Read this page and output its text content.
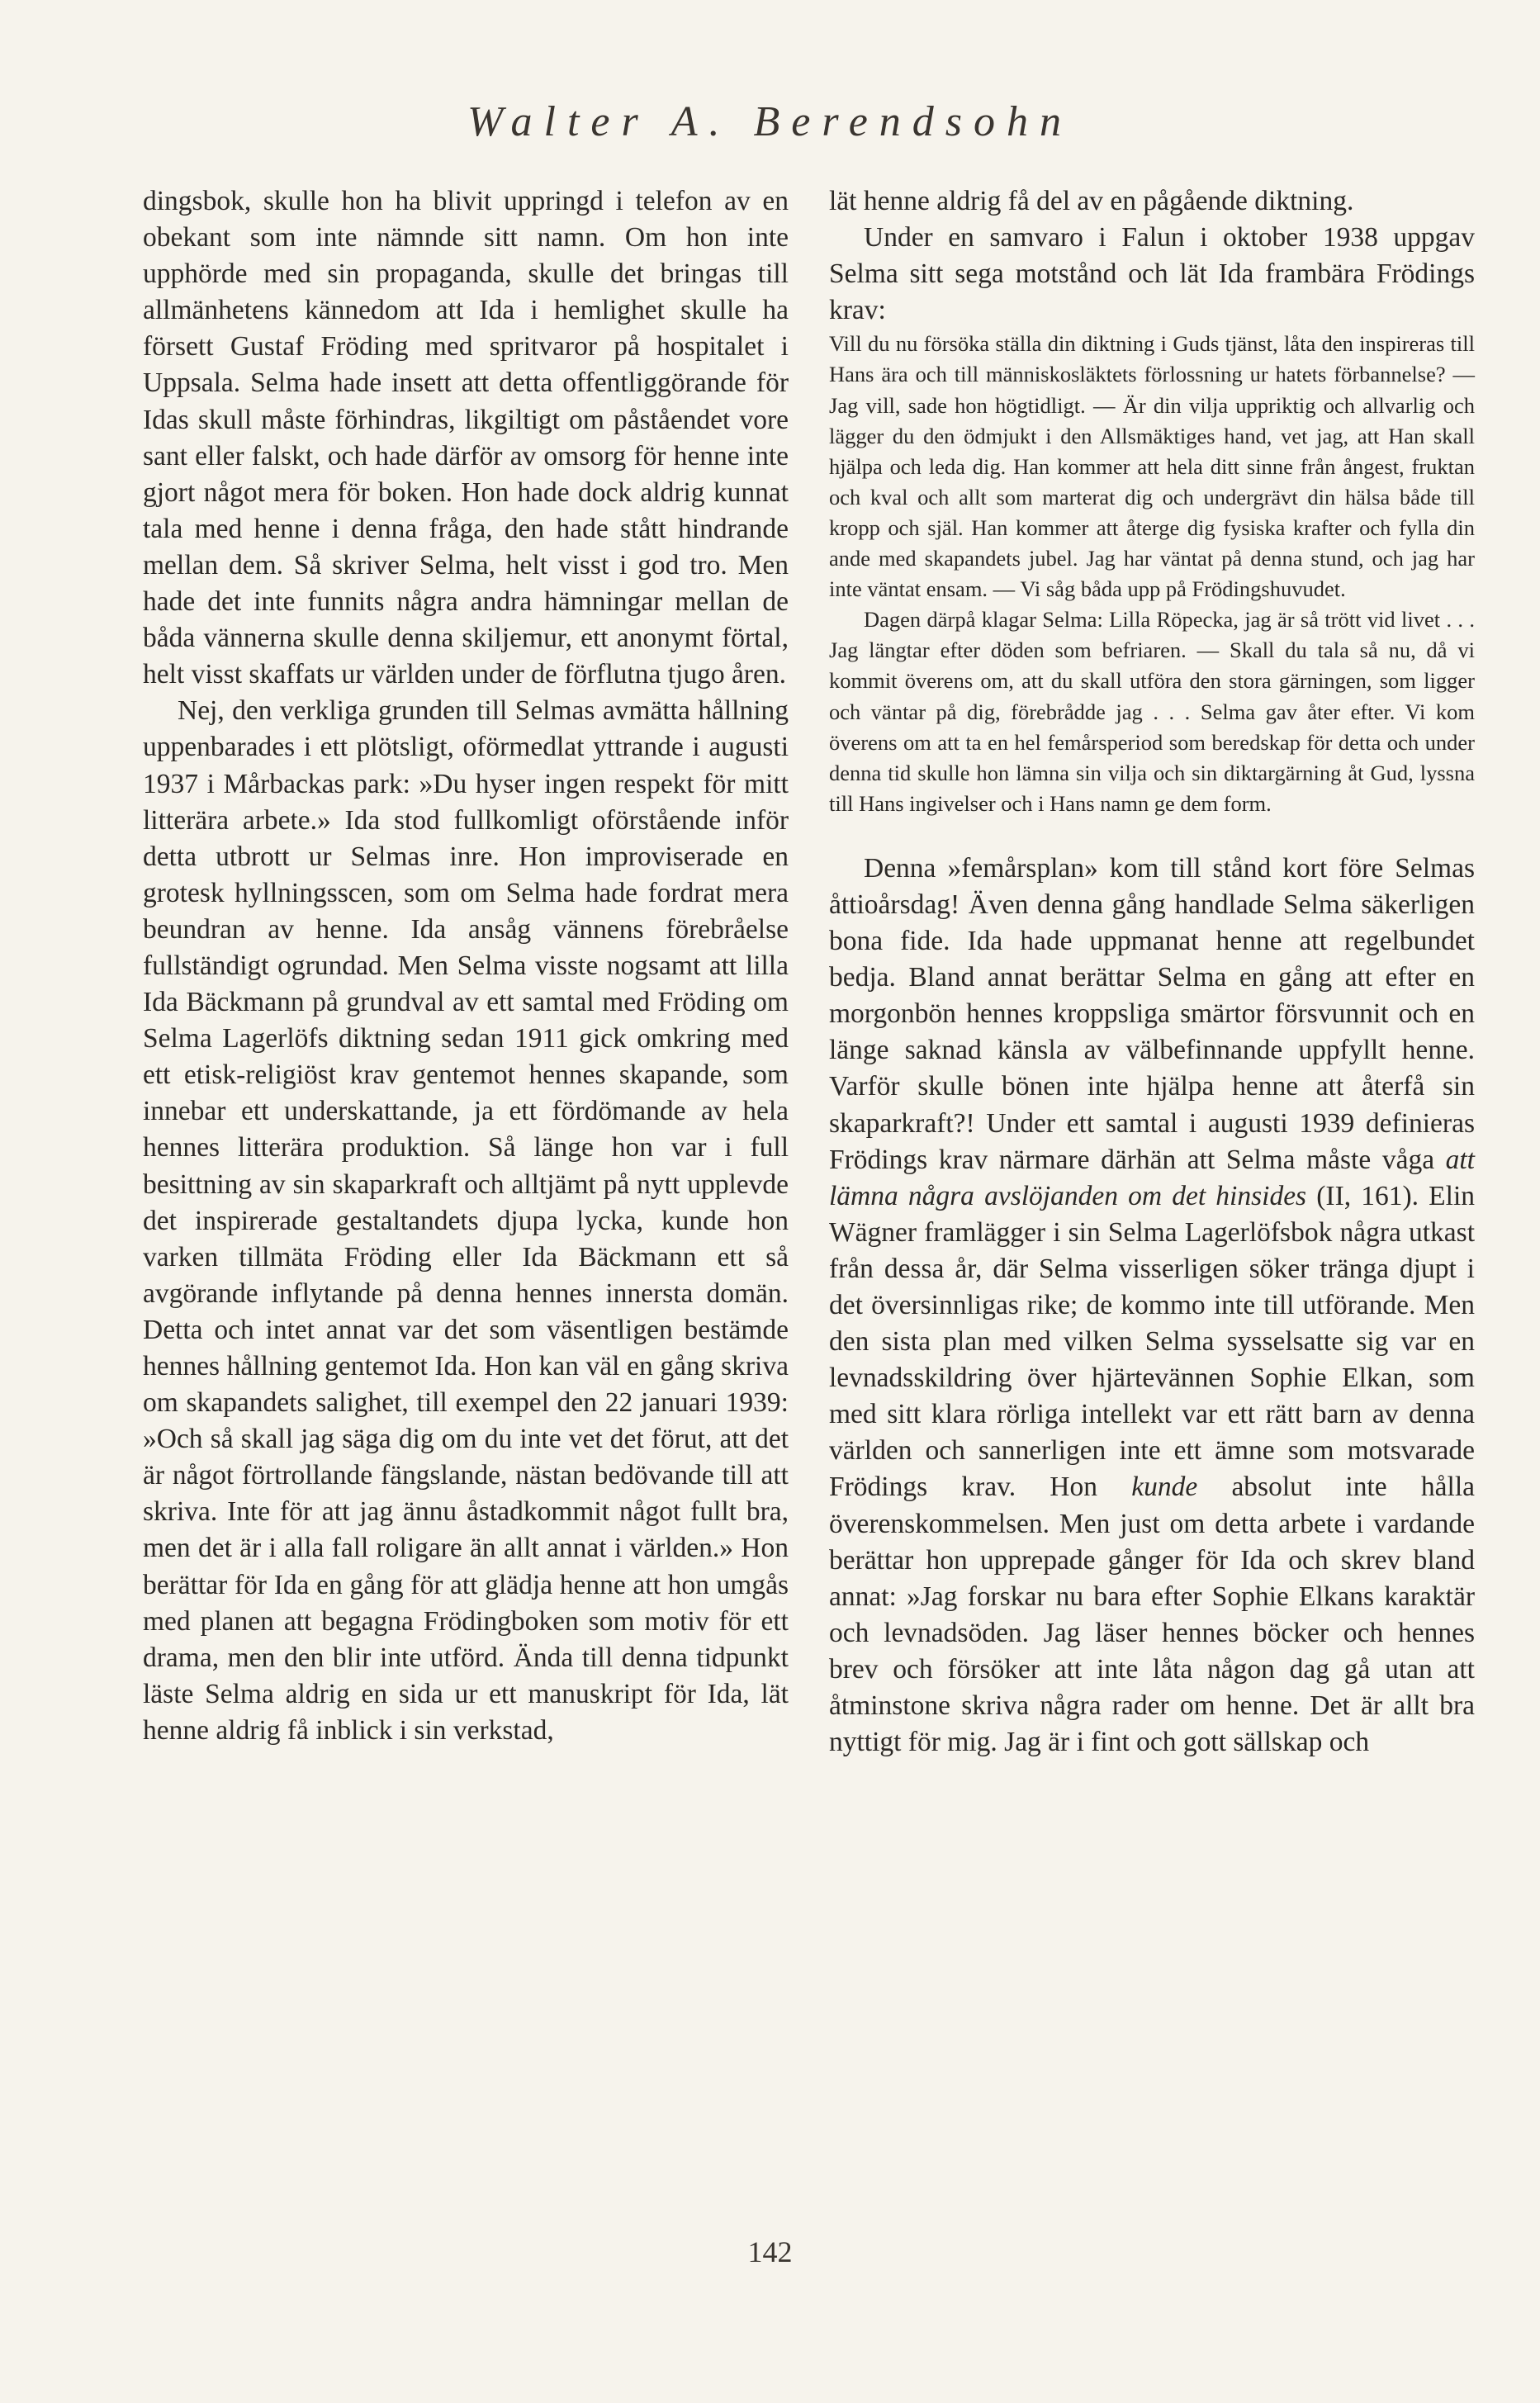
Walter A. Berendsohn

dingsbok, skulle hon ha blivit uppringd i telefon av en obekant som inte nämnde sitt namn. Om hon inte upphörde med sin propaganda, skulle det bringas till allmänhetens kännedom att Ida i hemlighet skulle ha försett Gustaf Fröding med spritvaror på hospitalet i Uppsala. Selma hade insett att detta offentliggörande för Idas skull måste förhindras, likgiltigt om påståendet vore sant eller falskt, och hade därför av omsorg för henne inte gjort något mera för boken. Hon hade dock aldrig kunnat tala med henne i denna fråga, den hade stått hindrande mellan dem. Så skriver Selma, helt visst i god tro. Men hade det inte funnits några andra hämningar mellan de båda vännerna skulle denna skiljemur, ett anonymt förtal, helt visst skaffats ur världen under de förflutna tjugo åren.

Nej, den verkliga grunden till Selmas avmätta hållning uppenbarades i ett plötsligt, oförmedlat yttrande i augusti 1937 i Mårbackas park: »Du hyser ingen respekt för mitt litterära arbete.» Ida stod fullkomligt oförstående inför detta utbrott ur Selmas inre. Hon improviserade en grotesk hyllningsscen, som om Selma hade fordrat mera beundran av henne. Ida ansåg vännens förebråelse fullständigt ogrundad. Men Selma visste nogsamt att lilla Ida Bäckmann på grundval av ett samtal med Fröding om Selma Lagerlöfs diktning sedan 1911 gick omkring med ett etisk-religiöst krav gentemot hennes skapande, som innebar ett underskattande, ja ett fördömande av hela hennes litterära produktion. Så länge hon var i full besittning av sin skaparkraft och alltjämt på nytt upplevde det inspirerade gestaltandets djupa lycka, kunde hon varken tillmäta Fröding eller Ida Bäckmann ett så avgörande inflytande på denna hennes innersta domän. Detta och intet annat var det som väsentligen bestämde hennes hållning gentemot Ida. Hon kan väl en gång skriva om skapandets salighet, till exempel den 22 januari 1939: »Och så skall jag säga dig om du inte vet det förut, att det är något förtrollande fängslande, nästan bedövande till att skriva. Inte för att jag ännu åstadkommit något fullt bra, men det är i alla fall roligare än allt annat i världen.» Hon berättar för Ida en gång för att glädja henne att hon umgås med planen att begagna Frödingboken som motiv för ett drama, men den blir inte utförd. Ända till denna tidpunkt läste Selma aldrig en sida ur ett manuskript för Ida, lät henne aldrig få inblick i sin verkstad,

lät henne aldrig få del av en pågående diktning.

Under en samvaro i Falun i oktober 1938 uppgav Selma sitt sega motstånd och lät Ida frambära Frödings krav:

Vill du nu försöka ställa din diktning i Guds tjänst, låta den inspireras till Hans ära och till människosläktets förlossning ur hatets förbannelse? — Jag vill, sade hon högtidligt. — Är din vilja uppriktig och allvarlig och lägger du den ödmjukt i den Allsmäktiges hand, vet jag, att Han skall hjälpa och leda dig. Han kommer att hela ditt sinne från ångest, fruktan och kval och allt som marterat dig och undergrävt din hälsa både till kropp och själ. Han kommer att återge dig fysiska krafter och fylla din ande med skapandets jubel. Jag har väntat på denna stund, och jag har inte väntat ensam. — Vi såg båda upp på Frödingshuvudet.

Dagen därpå klagar Selma: Lilla Röpecka, jag är så trött vid livet . . . Jag längtar efter döden som befriaren. — Skall du tala så nu, då vi kommit överens om, att du skall utföra den stora gärningen, som ligger och väntar på dig, förebrådde jag . . . Selma gav åter efter. Vi kom överens om att ta en hel femårsperiod som beredskap för detta och under denna tid skulle hon lämna sin vilja och sin diktargärning åt Gud, lyssna till Hans ingivelser och i Hans namn ge dem form.

Denna »femårsplan» kom till stånd kort före Selmas åttioårsdag! Även denna gång handlade Selma säkerligen bona fide. Ida hade uppmanat henne att regelbundet bedja. Bland annat berättar Selma en gång att efter en morgonbön hennes kroppsliga smärtor försvunnit och en länge saknad känsla av välbefinnande uppfyllt henne. Varför skulle bönen inte hjälpa henne att återfå sin skaparkraft?! Under ett samtal i augusti 1939 definieras Frödings krav närmare därhän att Selma måste våga att lämna några avslöjanden om det hinsides (II, 161). Elin Wägner framlägger i sin Selma Lagerlöfsbok några utkast från dessa år, där Selma visserligen söker tränga djupt i det översinnligas rike; de kommo inte till utförande. Men den sista plan med vilken Selma sysselsatte sig var en levnadsskildring över hjärtevännen Sophie Elkan, som med sitt klara rörliga intellekt var ett rätt barn av denna världen och sannerligen inte ett ämne som motsvarade Frödings krav. Hon kunde absolut inte hålla överenskommelsen. Men just om detta arbete i vardande berättar hon upprepade gånger för Ida och skrev bland annat: »Jag forskar nu bara efter Sophie Elkans karaktär och levnadsöden. Jag läser hennes böcker och hennes brev och försöker att inte låta någon dag gå utan att åtminstone skriva några rader om henne. Det är allt bra nyttigt för mig. Jag är i fint och gott sällskap och

142
